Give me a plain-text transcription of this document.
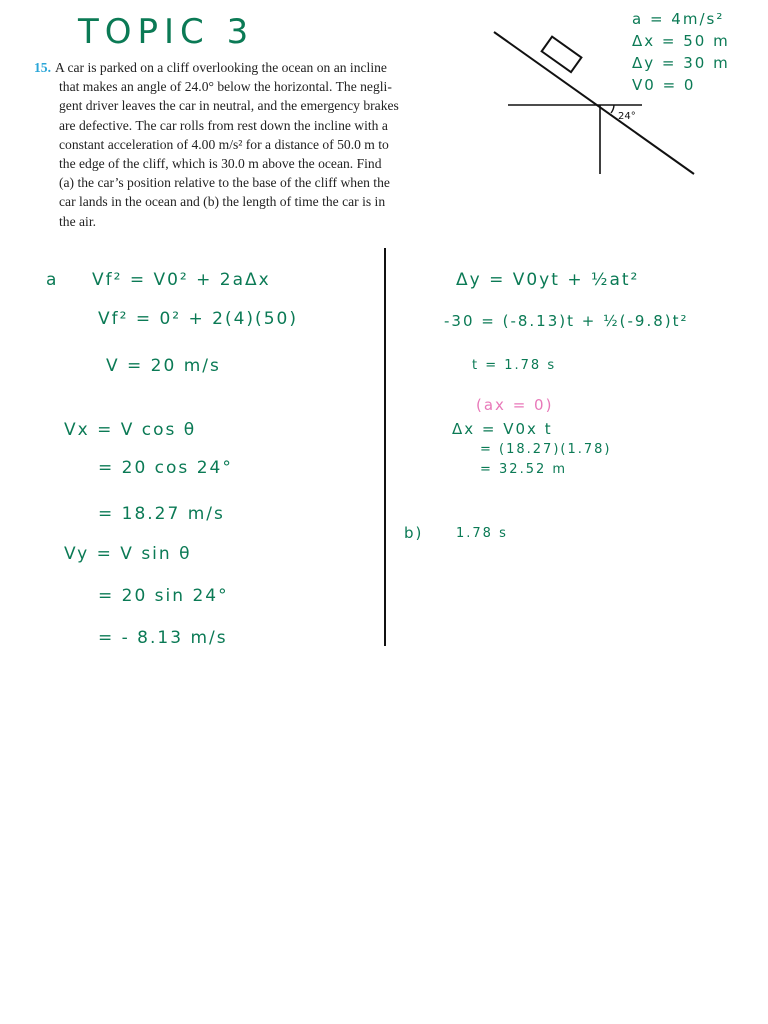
TOPIC 3

15. A car is parked on a cliff overlooking the ocean on an incline
that makes an angle of 24.0° below the horizontal. The negli-
gent driver leaves the car in neutral, and the emergency brakes
are defective. The car rolls from rest down the incline with a
constant acceleration of 4.00 m/s² for a distance of 50.0 m to
the edge of the cliff, which is 30.0 m above the ocean. Find
(a) the car’s position relative to the base of the cliff when the
car lands in the ocean and (b) the length of time the car is in
the air.

a = 4m/s²
Δx = 50 m
Δy = 30 m
V0 = 0
24°
a Vf² = V0² + 2aΔx
Vf² = 0² + 2(4)(50)
V = 20 m/s
Vx = V cos θ
= 20 cos 24°
= 18.27 m/s
Vy = V sin θ
= 20 sin 24°
= - 8.13 m/s
Δy = V0yt + ½at²
-30 = (-8.13)t + ½(-9.8)t²
t = 1.78 s
(ax = 0)
Δx = V0x t
= (18.27)(1.78)
= 32.52 m
b)	1.78 s
